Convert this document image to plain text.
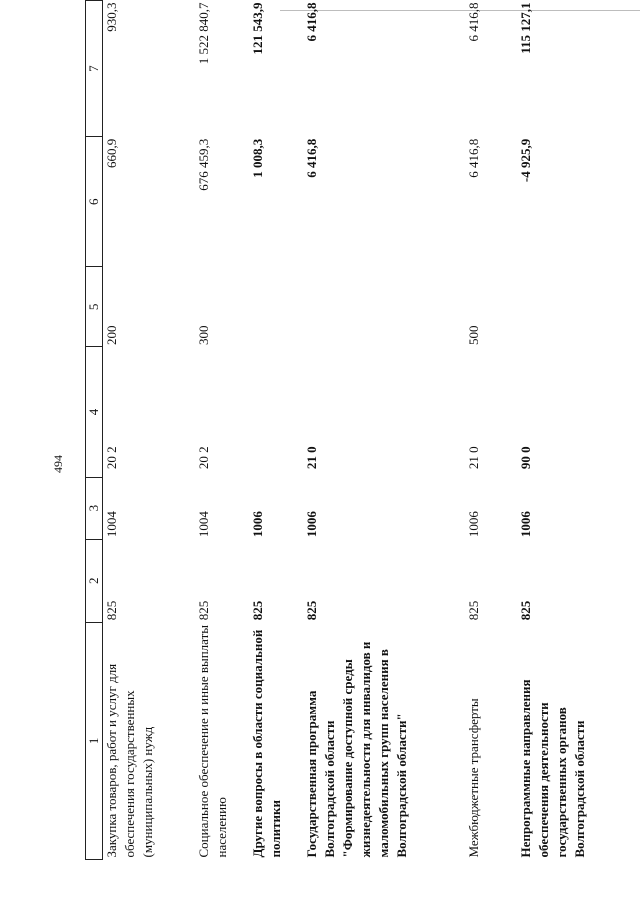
494
1	2	3	4	5	6	7
Закупка товаров, работ и услуг для обеспечения государственных (муниципальных) нужд	825	1004	20 2	200	660,9	930,3
Социальное обеспечение и иные выплаты населению	825	1004	20 2	300	676 459,3	1 522 840,7
Другие вопросы в области социальной политики	825	1006			1 008,3	121 543,9
Государственная программа Волгоградской области "Формирование доступной среды жизнедеятельности для инвалидов и маломобильных групп населения в Волгоградской области"	825	1006	21 0		6 416,8	6 416,8
Межбюджетные трансферты	825	1006	21 0	500	6 416,8	6 416,8
Непрограммные направления обеспечения деятельности государственных органов Волгоградской области	825	1006	90 0		-4 925,9	115 127,1
